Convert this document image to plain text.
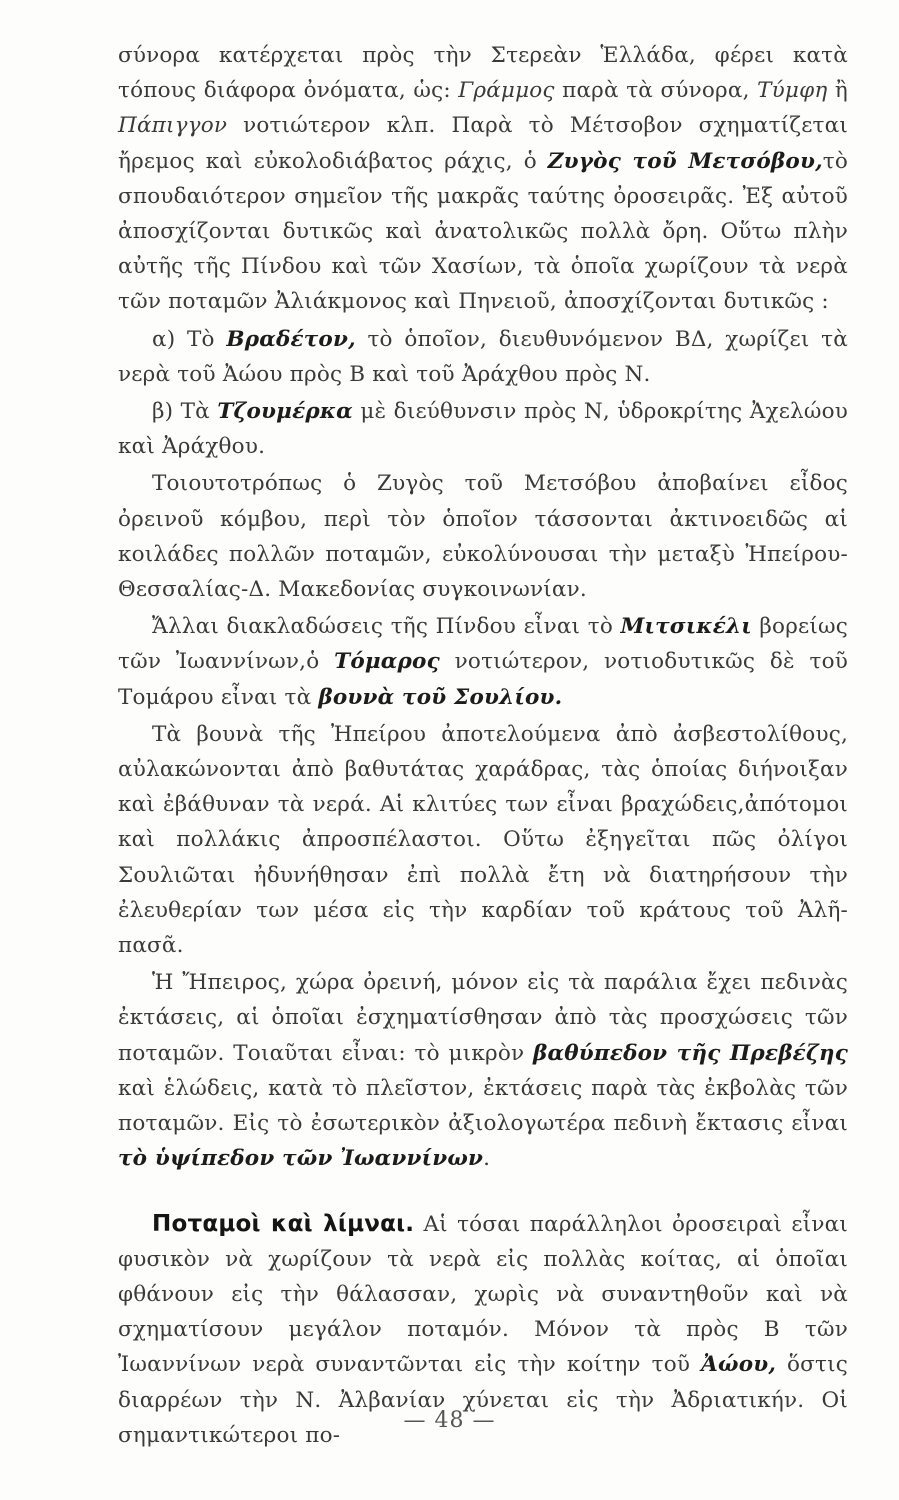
σύνορα κατέρχεται πρὸς τὴν Στερεὰν Ἑλλάδα, φέρει κατὰ τόπους διάφορα ὀνόματα, ὡς: Γράμμος παρὰ τὰ σύνορα, Τύμφη ἢ Πάπιγγον νοτιώτερον κλπ. Παρὰ τὸ Μέτσοβον σχηματίζεται ἤρεμος καὶ εὐκολοδιάβατος ράχις, ὁ Ζυγὸς τοῦ Μετσόβου,τὸ σπουδαιότερον σημεῖον τῆς μακρᾶς ταύτης ὀροσειρᾶς. Ἐξ αὐτοῦ ἀποσχίζονται δυτικῶς καὶ ἀνατολικῶς πολλὰ ὄρη. Οὕτω πλὴν αὐτῆς τῆς Πίνδου καὶ τῶν Χασίων, τὰ ὁποῖα χωρίζουν τὰ νερὰ τῶν ποταμῶν Ἀλιάκμονος καὶ Πηνειοῦ, ἀποσχίζονται δυτικῶς :

α) Τὸ Βραδέτον, τὸ ὁποῖον, διευθυνόμενον ΒΔ, χωρίζει τὰ νερὰ τοῦ Ἀώου πρὸς Β καὶ τοῦ Ἀράχθου πρὸς Ν.

β) Τὰ Τζουμέρκα μὲ διεύθυνσιν πρὸς Ν, ὑδροκρίτης Ἀχελώου καὶ Ἀράχθου.

Τοιουτοτρόπως ὁ Ζυγὸς τοῦ Μετσόβου ἀποβαίνει εἶδος ὀρεινοῦ κόμβου, περὶ τὸν ὁποῖον τάσσονται ἀκτινοειδῶς αἱ κοιλάδες πολλῶν ποταμῶν, εὐκολύνουσαι τὴν μεταξὺ Ἠπείρου-Θεσσαλίας-Δ. Μακεδονίας συγκοινωνίαν.

Ἄλλαι διακλαδώσεις τῆς Πίνδου εἶναι τὸ Μιτσικέλι βορείως τῶν Ἰωαννίνων,ὁ Τόμαρος νοτιώτερον, νοτιοδυτικῶς δὲ τοῦ Τομάρου εἶναι τὰ βουνὰ τοῦ Σουλίου.

Τὰ βουνὰ τῆς Ἠπείρου ἀποτελούμενα ἀπὸ ἀσβεστολίθους, αὐλακώνονται ἀπὸ βαθυτάτας χαράδρας, τὰς ὁποίας διήνοιξαν καὶ ἐβάθυναν τὰ νερά. Αἱ κλιτύες των εἶναι βραχώδεις,ἀπότομοι καὶ πολλάκις ἀπροσπέλαστοι. Οὕτω ἐξηγεῖται πῶς ὀλίγοι Σουλιῶται ἠδυνήθησαν ἐπὶ πολλὰ ἔτη νὰ διατηρήσουν τὴν ἐλευθερίαν των μέσα εἰς τὴν καρδίαν τοῦ κράτους τοῦ Ἀλῆ-πασᾶ.

Ἡ Ἤπειρος, χώρα ὀρεινή, μόνον εἰς τὰ παράλια ἔχει πεδινὰς ἐκτάσεις, αἱ ὁποῖαι ἐσχηματίσθησαν ἀπὸ τὰς προσχώσεις τῶν ποταμῶν. Τοιαῦται εἶναι: τὸ μικρὸν βαθύπεδον τῆς Πρεβέζης καὶ ἑλώδεις, κατὰ τὸ πλεῖστον, ἐκτάσεις παρὰ τὰς ἐκβολὰς τῶν ποταμῶν. Εἰς τὸ ἐσωτερικὸν ἀξιολογωτέρα πεδινὴ ἔκτασις εἶναι τὸ ὑψίπεδον τῶν Ἰωαννίνων.

Ποταμοὶ καὶ λίμναι. Αἱ τόσαι παράλληλοι ὀροσειραὶ εἶναι φυσικὸν νὰ χωρίζουν τὰ νερὰ εἰς πολλὰς κοίτας, αἱ ὁποῖαι φθάνουν εἰς τὴν θάλασσαν, χωρὶς νὰ συναντηθοῦν καὶ νὰ σχηματίσουν μεγάλον ποταμόν. Μόνον τὰ πρὸς Β τῶν Ἰωαννίνων νερὰ συναντῶνται εἰς τὴν κοίτην τοῦ Ἀώου, ὅστις διαρρέων τὴν Ν. Ἀλβανίαν χύνεται εἰς τὴν Ἀδριατικήν. Οἱ σημαντικώτεροι πο-

— 48 —
